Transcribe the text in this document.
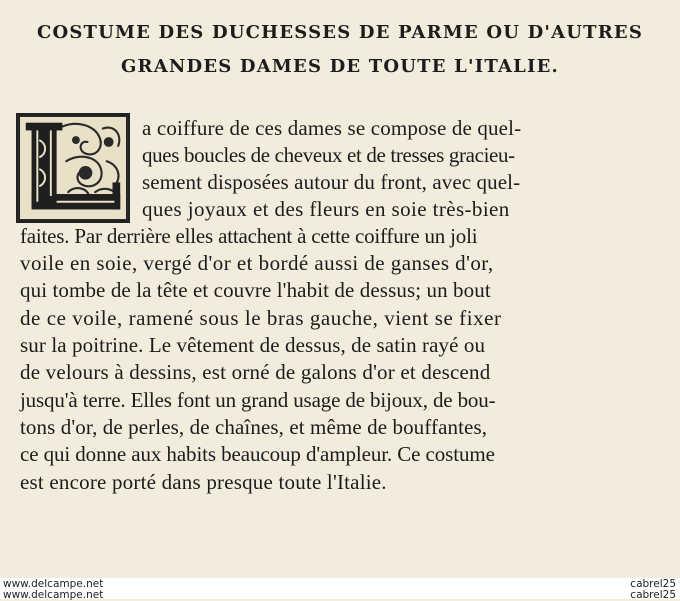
COSTUME DES DUCHESSES DE PARME OU D'AUTRES
GRANDES DAMES DE TOUTE L'ITALIE.
a coiffure de ces dames se compose de quel-
ques boucles de cheveux et de tresses gracieu-
sement disposées autour du front, avec quel-
ques joyaux et des fleurs en soie très-bien
faites. Par derrière elles attachent à cette coiffure un joli
voile en soie, vergé d'or et bordé aussi de ganses d'or,
qui tombe de la tête et couvre l'habit de dessus; un bout
de ce voile, ramené sous le bras gauche, vient se fixer
sur la poitrine. Le vêtement de dessus, de satin rayé ou
de velours à dessins, est orné de galons d'or et descend
jusqu'à terre. Elles font un grand usage de bijoux, de bou-
tons d'or, de perles, de chaînes, et même de bouffantes,
ce qui donne aux habits beaucoup d'ampleur. Ce costume
est encore porté dans presque toute l'Italie.
www.delcampe.net
www.delcampe.net
cabrel25
cabrel25
